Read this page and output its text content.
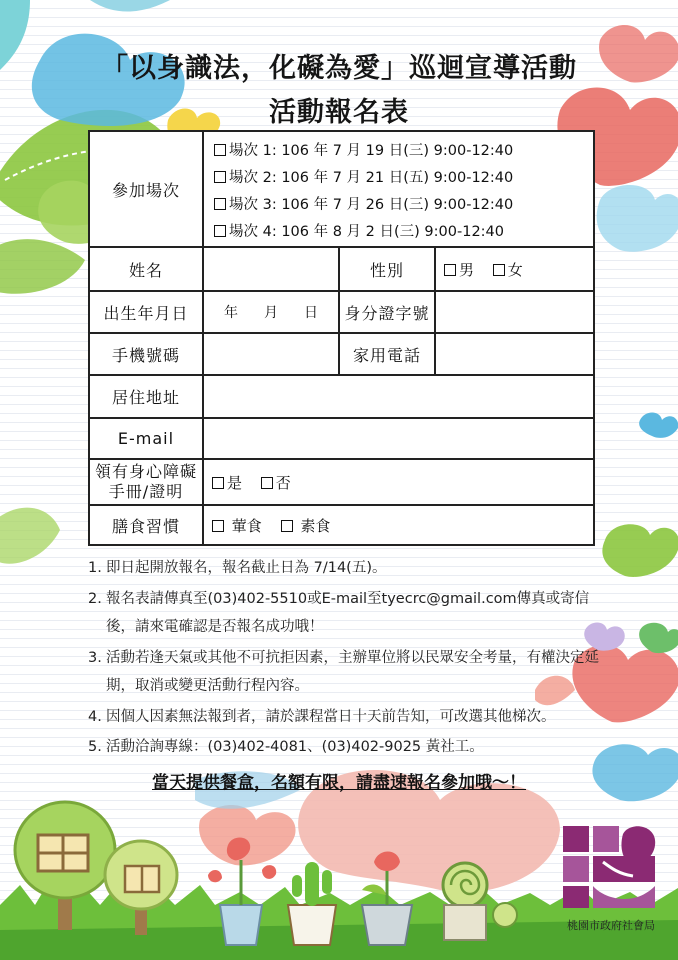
「以身識法，化礙為愛」巡迴宣導活動
活動報名表
參加場次	場次 1: 106 年 7 月 19 日(三) 9:00-12:40
場次 2: 106 年 7 月 21 日(五) 9:00-12:40
場次 3: 106 年 7 月 26 日(三) 9:00-12:40
場次 4: 106 年 8 月 2 日(三) 9:00-12:40		

姓名		性別	男 女
出生年月日	年 月 日	身分證字號	
手機號碼		家用電話	
居住地址			
E-mail			

領有身心障礙
手冊/證明	是 否		
膳食習慣	葷食 素食		
1. 即日起開放報名，報名截止日為 7/14(五)。
2. 報名表請傳真至(03)402-5510或E-mail至tyecrc@gmail.com傳真或寄信後，請來電確認是否報名成功哦！
3. 活動若逢天氣或其他不可抗拒因素，主辦單位將以民眾安全考量，有權決定延期，取消或變更活動行程內容。
4. 因個人因素無法報到者，請於課程當日十天前告知，可改選其他梯次。
5. 活動洽詢專線：(03)402-4081、(03)402-9025 黃社工。
當天提供餐盒，名額有限，請盡速報名參加哦～！
桃園市政府社會局
